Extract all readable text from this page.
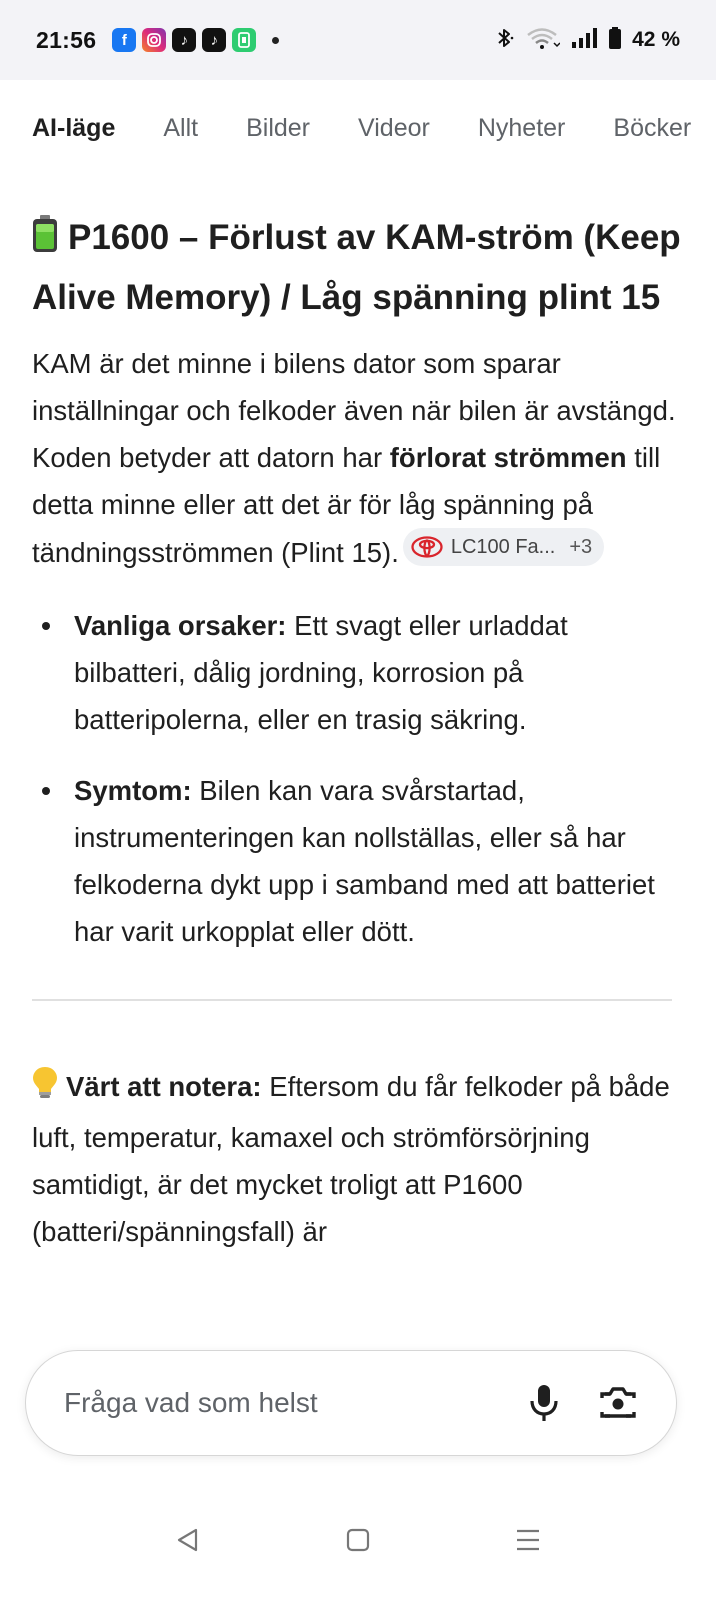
21:56	f	♪	♪	42 %
AI-läge Allt Bilder Videor Nyheter Böcker
P1600 – Förlust av KAM-ström (Keep Alive Memory) / Låg spänning plint 15

KAM är det minne i bilens dator som sparar inställningar och felkoder även när bilen är avstängd. Koden betyder att datorn har förlorat strömmen till detta minne eller att det är för låg spänning på tändningsströmmen (Plint 15).	LC100 Fa... +3

Vanliga orsaker: Ett svagt eller urladdat bilbatteri, dålig jordning, korrosion på batteripolerna, eller en trasig säkring.
Symtom: Bilen kan vara svårstartad, instrumenteringen kan nollställas, eller så har felkoderna dykt upp i samband med att batteriet har varit urkopplat eller dött.

Värt att notera: Eftersom du får felkoder på både luft, temperatur, kamaxel och strömförsörjning samtidigt, är det mycket troligt att P1600 (batteri/spänningsfall) är

Fråga vad som helst
